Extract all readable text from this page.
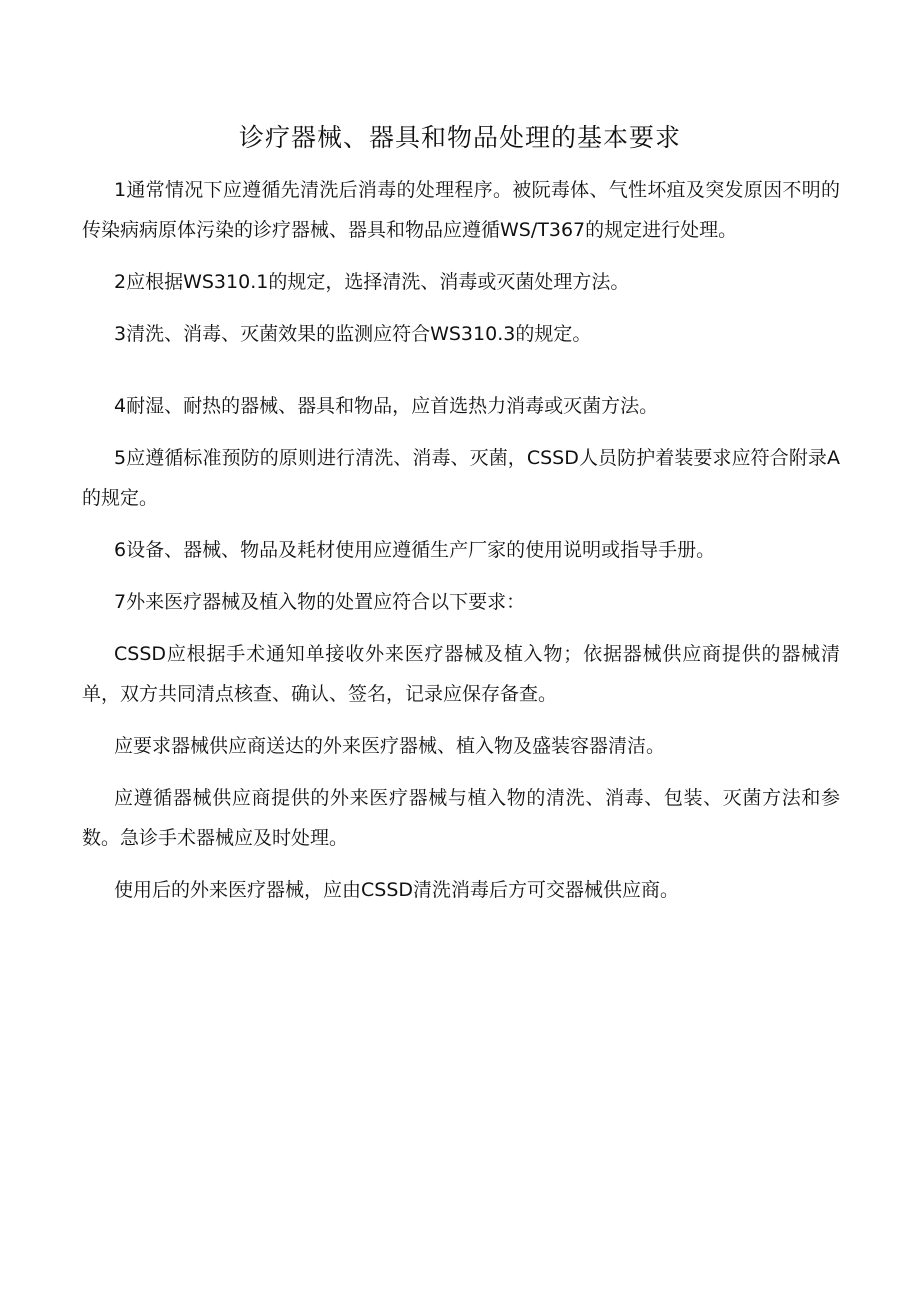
诊疗器械、器具和物品处理的基本要求

1通常情况下应遵循先清洗后消毒的处理程序。被阮毒体、气性坏疽及突发原因不明的传染病病原体污染的诊疗器械、器具和物品应遵循WS/T367的规定进行处理。

2应根据WS310.1的规定，选择清洗、消毒或灭菌处理方法。

3清洗、消毒、灭菌效果的监测应符合WS310.3的规定。

4耐湿、耐热的器械、器具和物品，应首选热力消毒或灭菌方法。

5应遵循标准预防的原则进行清洗、消毒、灭菌，CSSD人员防护着装要求应符合附录A的规定。

6设备、器械、物品及耗材使用应遵循生产厂家的使用说明或指导手册。

7外来医疗器械及植入物的处置应符合以下要求：

CSSD应根据手术通知单接收外来医疗器械及植入物；依据器械供应商提供的器械清单，双方共同清点核查、确认、签名，记录应保存备查。

应要求器械供应商送达的外来医疗器械、植入物及盛装容器清洁。

应遵循器械供应商提供的外来医疗器械与植入物的清洗、消毒、包装、灭菌方法和参数。急诊手术器械应及时处理。

使用后的外来医疗器械，应由CSSD清洗消毒后方可交器械供应商。
